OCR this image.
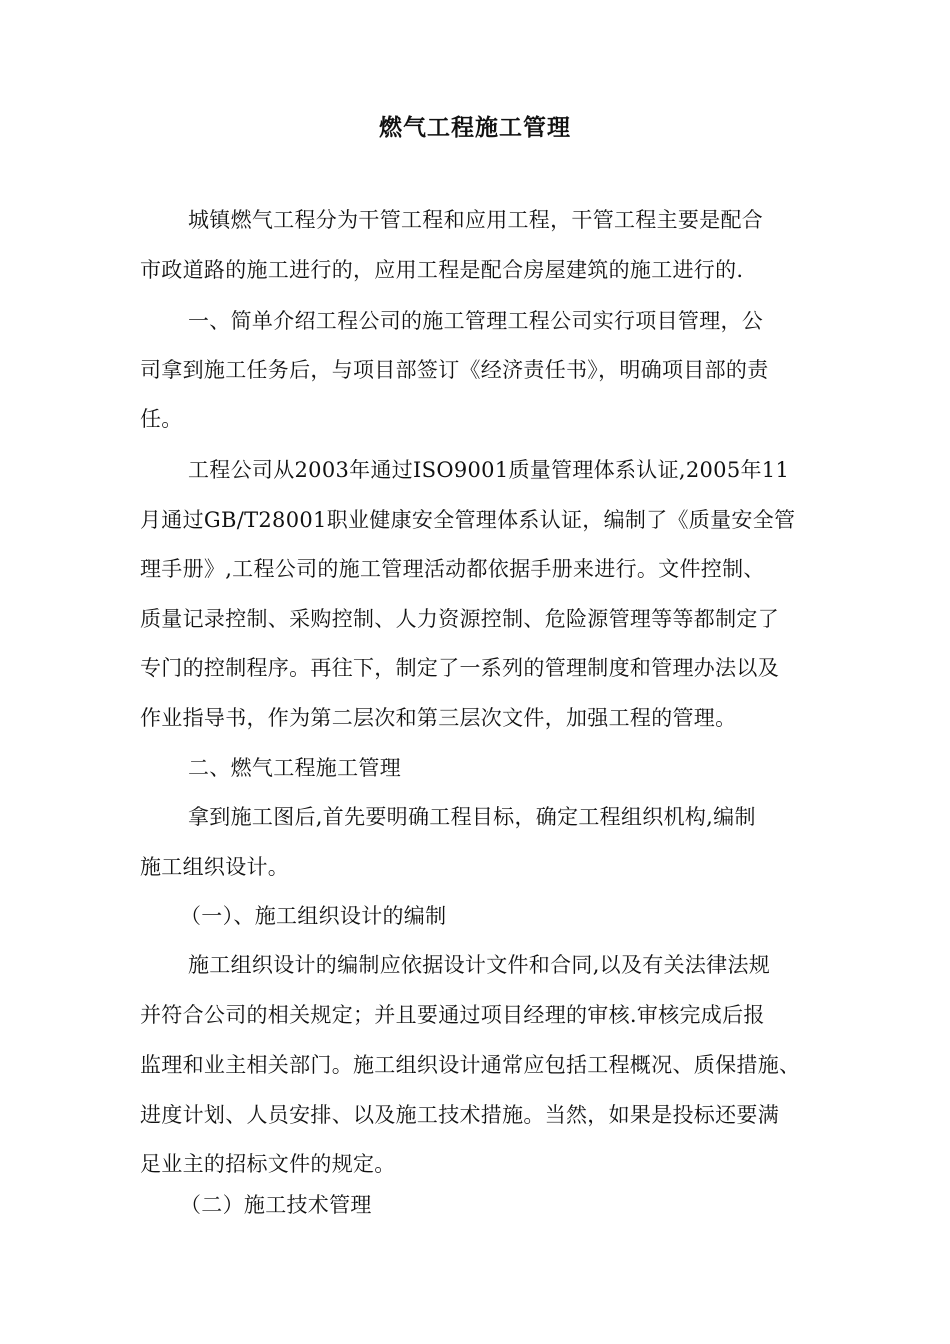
燃气工程施工管理
城镇燃气工程分为干管工程和应用工程，干管工程主要是配合
市政道路的施工进行的，应用工程是配合房屋建筑的施工进行的.
一、简单介绍工程公司的施工管理工程公司实行项目管理，公
司拿到施工任务后，与项目部签订《经济责任书》，明确项目部的责
任。
工程公司从2003年通过ISO9001质量管理体系认证,2005年11
月通过GB/T28001职业健康安全管理体系认证，编制了《质量安全管
理手册》,工程公司的施工管理活动都依据手册来进行。文件控制、
质量记录控制、采购控制、人力资源控制、危险源管理等等都制定了
专门的控制程序。再往下，制定了一系列的管理制度和管理办法以及
作业指导书，作为第二层次和第三层次文件，加强工程的管理。
二、燃气工程施工管理
拿到施工图后,首先要明确工程目标，确定工程组织机构,编制
施工组织设计。
（一）、施工组织设计的编制
施工组织设计的编制应依据设计文件和合同,以及有关法律法规
并符合公司的相关规定；并且要通过项目经理的审核.审核完成后报
监理和业主相关部门。施工组织设计通常应包括工程概况、质保措施、
进度计划、人员安排、以及施工技术措施。当然，如果是投标还要满
足业主的招标文件的规定。
（二）施工技术管理
